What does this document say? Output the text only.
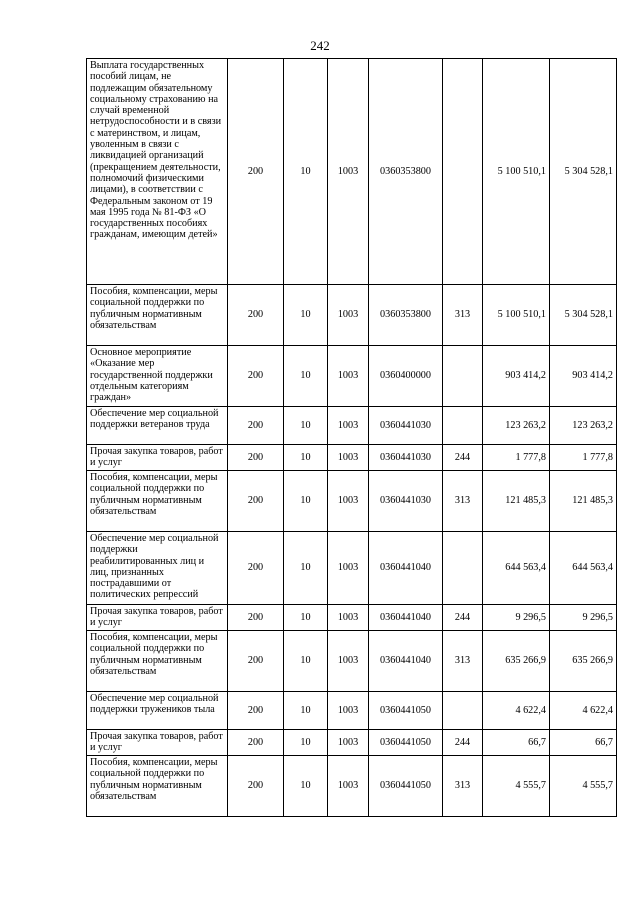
242
Выплата государственных пособий лицам, не подлежащим обязательному социальному страхованию на случай временной нетрудоспособности и в связи с материнством, и лицам, уволенным в связи с ликвидацией организаций (прекращением деятельности, полномочий физическими лицами), в соответствии с Федеральным законом от 19 мая 1995 года № 81-ФЗ «О государственных пособиях гражданам, имеющим детей»	200	10	1003	0360353800		5 100 510,1	5 304 528,1
Пособия, компенсации, меры социальной поддержки по публичным нормативным обязательствам	200	10	1003	0360353800	313	5 100 510,1	5 304 528,1
Основное мероприятие «Оказание мер государственной поддержки отдельным категориям граждан»	200	10	1003	0360400000		903 414,2	903 414,2
Обеспечение мер социальной поддержки ветеранов труда	200	10	1003	0360441030		123 263,2	123 263,2
Прочая закупка товаров, работ и услуг	200	10	1003	0360441030	244	1 777,8	1 777,8
Пособия, компенсации, меры социальной поддержки по публичным нормативным обязательствам	200	10	1003	0360441030	313	121 485,3	121 485,3
Обеспечение мер социальной поддержки реабилитированных лиц и лиц, признанных пострадавшими от политических репрессий	200	10	1003	0360441040		644 563,4	644 563,4
Прочая закупка товаров, работ и услуг	200	10	1003	0360441040	244	9 296,5	9 296,5
Пособия, компенсации, меры социальной поддержки по публичным нормативным обязательствам	200	10	1003	0360441040	313	635 266,9	635 266,9
Обеспечение мер социальной поддержки тружеников тыла	200	10	1003	0360441050		4 622,4	4 622,4
Прочая закупка товаров, работ и услуг	200	10	1003	0360441050	244	66,7	66,7
Пособия, компенсации, меры социальной поддержки по публичным нормативным обязательствам	200	10	1003	0360441050	313	4 555,7	4 555,7
